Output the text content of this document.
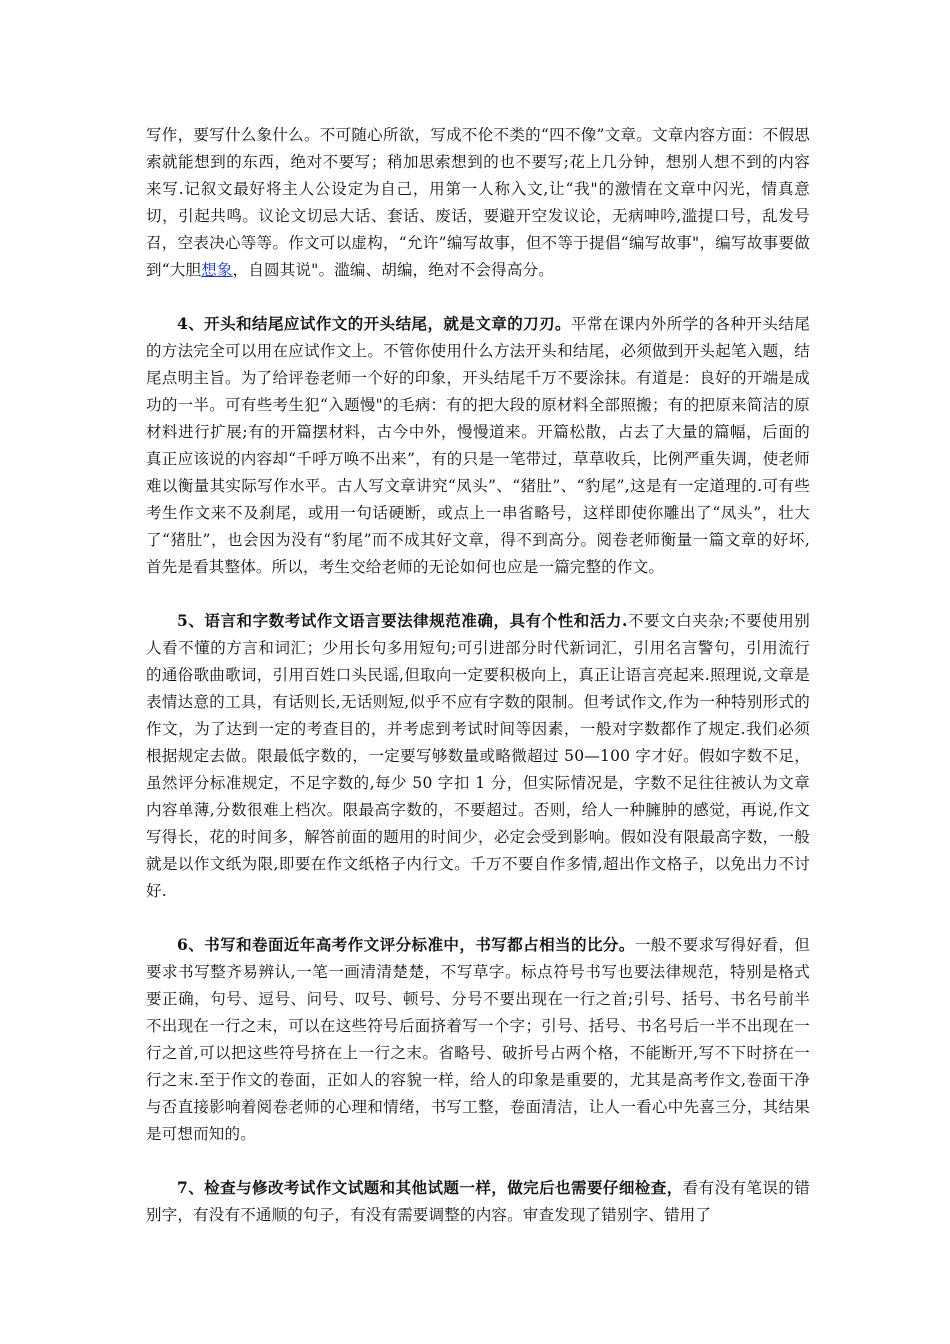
写作，要写什么象什么。不可随心所欲，写成不伦不类的“四不像”文章。文章内容方面：不假思索就能想到的东西，绝对不要写；稍加思索想到的也不要写;花上几分钟，想别人想不到的内容来写.记叙文最好将主人公设定为自己，用第一人称入文,让“我"的激情在文章中闪光，情真意切，引起共鸣。议论文切忌大话、套话、废话，要避开空发议论，无病呻吟,滥提口号，乱发号召，空表决心等等。作文可以虚构，“允许”编写故事，但不等于提倡“编写故事"，编写故事要做到“大胆想象，自圆其说"。滥编、胡编，绝对不会得高分。

4、开头和结尾应试作文的开头结尾，就是文章的刀刃。平常在课内外所学的各种开头结尾的方法完全可以用在应试作文上。不管你使用什么方法开头和结尾，必须做到开头起笔入题，结尾点明主旨。为了给评卷老师一个好的印象，开头结尾千万不要涂抹。有道是：良好的开端是成功的一半。可有些考生犯“入题慢"的毛病：有的把大段的原材料全部照搬；有的把原来简洁的原材料进行扩展;有的开篇摆材料，古今中外，慢慢道来。开篇松散，占去了大量的篇幅，后面的真正应该说的内容却“千呼万唤不出来”，有的只是一笔带过，草草收兵，比例严重失调，使老师难以衡量其实际写作水平。古人写文章讲究“凤头”、“猪肚”、“豹尾”,这是有一定道理的.可有些考生作文来不及刹尾，或用一句话硬断，或点上一串省略号，这样即使你雕出了“凤头”，壮大了“猪肚”，也会因为没有“豹尾”而不成其好文章，得不到高分。阅卷老师衡量一篇文章的好坏,首先是看其整体。所以，考生交给老师的无论如何也应是一篇完整的作文。

5、语言和字数考试作文语言要法律规范准确，具有个性和活力.不要文白夹杂;不要使用别人看不懂的方言和词汇；少用长句多用短句;可引进部分时代新词汇，引用名言警句，引用流行的通俗歌曲歌词，引用百姓口头民谣,但取向一定要积极向上，真正让语言亮起来.照理说,文章是表情达意的工具，有话则长,无话则短,似乎不应有字数的限制。但考试作文,作为一种特别形式的作文，为了达到一定的考查目的，并考虑到考试时间等因素，一般对字数都作了规定.我们必须根据规定去做。限最低字数的，一定要写够数量或略微超过 50—100 字才好。假如字数不足，虽然评分标准规定，不足字数的,每少 50 字扣 1 分，但实际情况是，字数不足往往被认为文章内容单薄,分数很难上档次。限最高字数的，不要超过。否则，给人一种臃肿的感觉，再说,作文写得长，花的时间多，解答前面的题用的时间少，必定会受到影响。假如没有限最高字数，一般就是以作文纸为限,即要在作文纸格子内行文。千万不要自作多情,超出作文格子，以免出力不讨好.

6、书写和卷面近年高考作文评分标准中，书写都占相当的比分。一般不要求写得好看，但要求书写整齐易辨认,一笔一画清清楚楚，不写草字。标点符号书写也要法律规范，特别是格式要正确，句号、逗号、问号、叹号、顿号、分号不要出现在一行之首;引号、括号、书名号前半不出现在一行之末，可以在这些符号后面挤着写一个字；引号、括号、书名号后一半不出现在一行之首,可以把这些符号挤在上一行之末。省略号、破折号占两个格，不能断开,写不下时挤在一行之末.至于作文的卷面，正如人的容貌一样，给人的印象是重要的，尤其是高考作文,卷面干净与否直接影响着阅卷老师的心理和情绪，书写工整，卷面清洁，让人一看心中先喜三分，其结果是可想而知的。

7、检查与修改考试作文试题和其他试题一样，做完后也需要仔细检查，看有没有笔误的错别字，有没有不通顺的句子，有没有需要调整的内容。审查发现了错别字、错用了
